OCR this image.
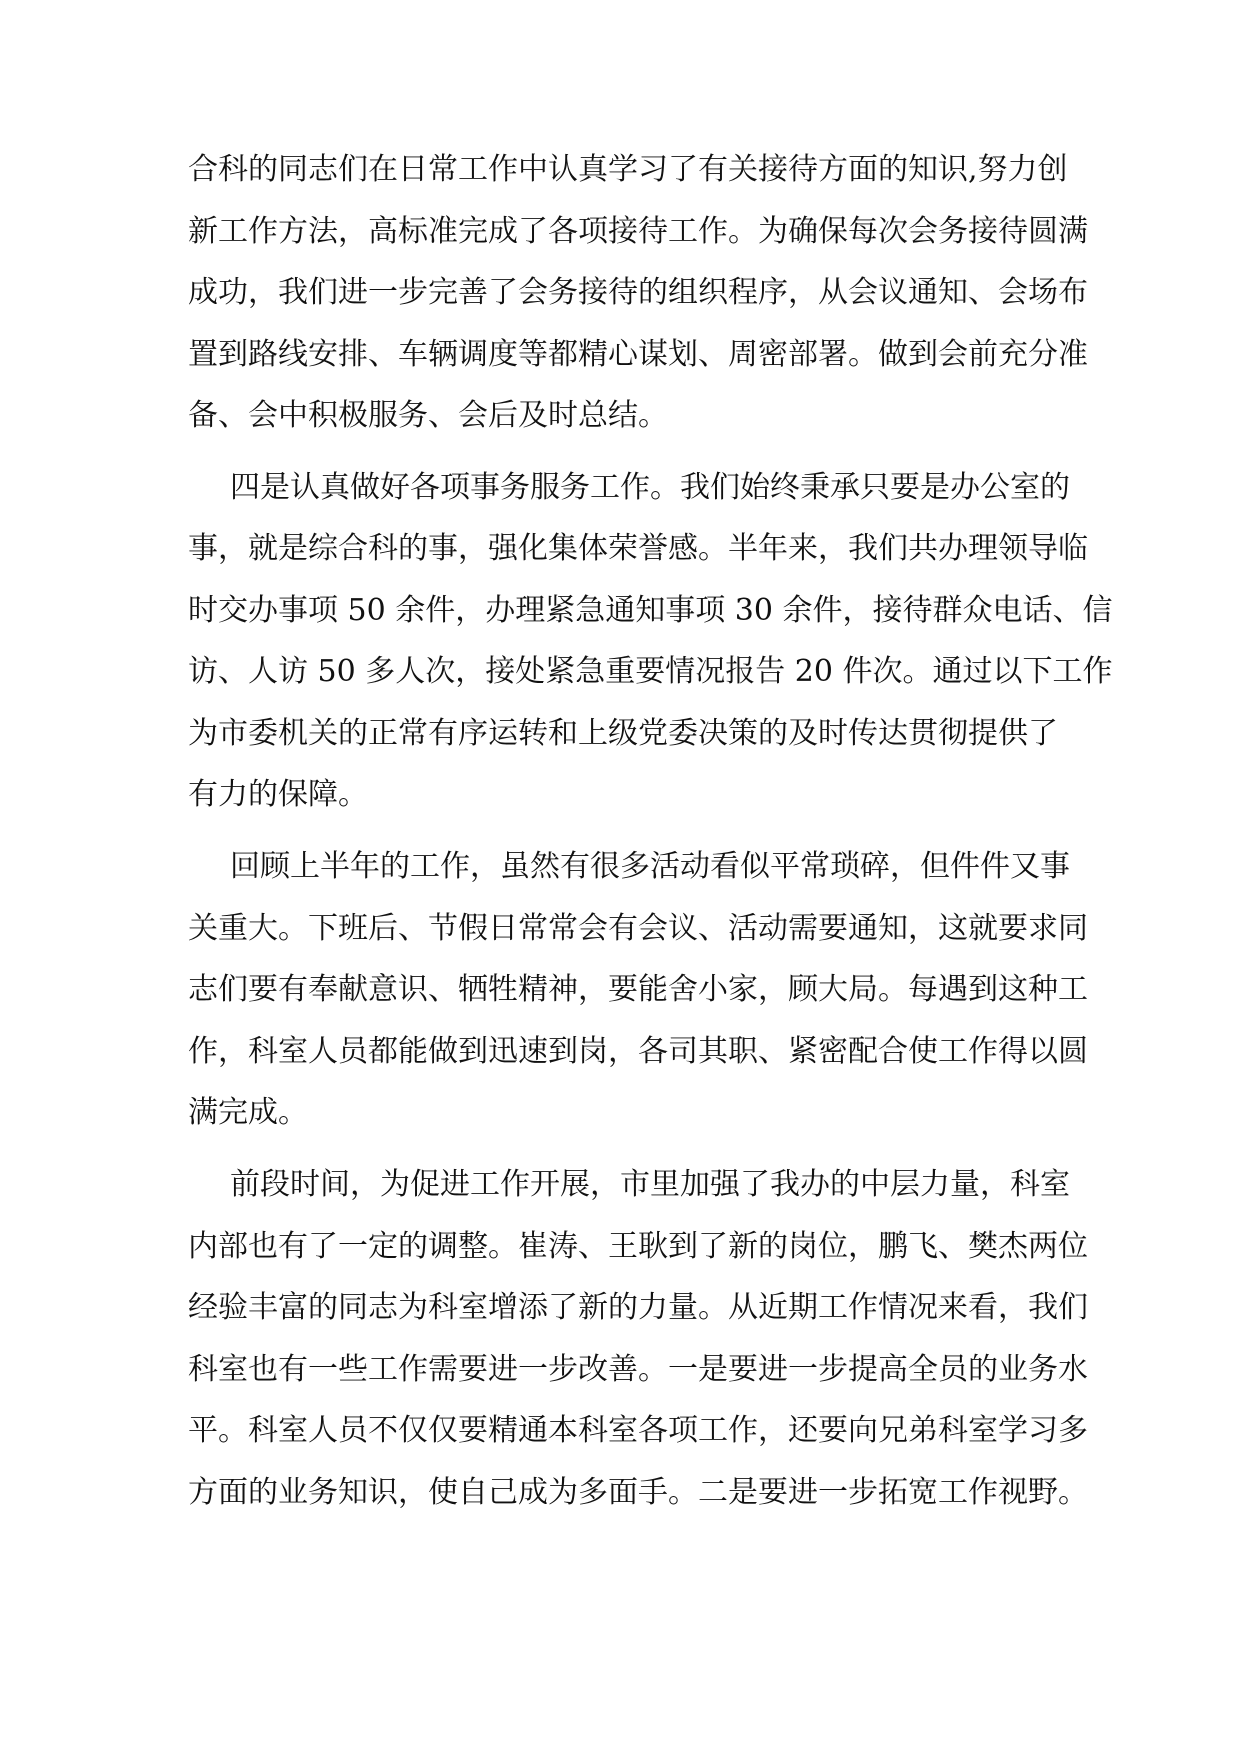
合科的同志们在日常工作中认真学习了有关接待方面的知识,努力创
新工作方法，高标准完成了各项接待工作。为确保每次会务接待圆满
成功，我们进一步完善了会务接待的组织程序，从会议通知、会场布
置到路线安排、车辆调度等都精心谋划、周密部署。做到会前充分准
备、会中积极服务、会后及时总结。
四是认真做好各项事务服务工作。我们始终秉承只要是办公室的
事，就是综合科的事，强化集体荣誉感。半年来，我们共办理领导临
时交办事项 50 余件，办理紧急通知事项 30 余件，接待群众电话、信
访、人访 50 多人次，接处紧急重要情况报告 20 件次。通过以下工作
为市委机关的正常有序运转和上级党委决策的及时传达贯彻提供了
有力的保障。
回顾上半年的工作，虽然有很多活动看似平常琐碎，但件件又事
关重大。下班后、节假日常常会有会议、活动需要通知，这就要求同
志们要有奉献意识、牺牲精神，要能舍小家，顾大局。每遇到这种工
作，科室人员都能做到迅速到岗，各司其职、紧密配合使工作得以圆
满完成。
前段时间，为促进工作开展，市里加强了我办的中层力量，科室
内部也有了一定的调整。崔涛、王耿到了新的岗位，鹏飞、樊杰两位
经验丰富的同志为科室增添了新的力量。从近期工作情况来看，我们
科室也有一些工作需要进一步改善。一是要进一步提高全员的业务水
平。科室人员不仅仅要精通本科室各项工作，还要向兄弟科室学习多
方面的业务知识，使自己成为多面手。二是要进一步拓宽工作视野。
